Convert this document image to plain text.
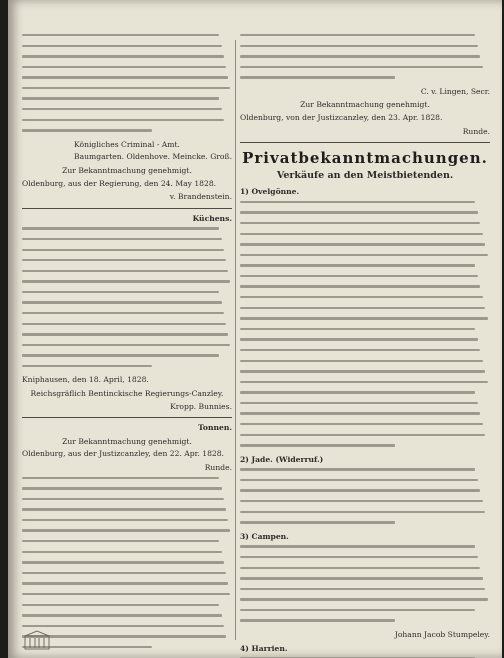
Königliches Criminal - Amt.
Baumgarten. Oldenhove. Meincke. Groß.
Zur Bekanntmachung genehmigt.
Oldenburg, aus der Regierung, den 24. May 1828.
v. Brandenstein.
Küchens.
Kniphausen, den 18. April, 1828.
Reichsgräflich Bentinckische Regierungs-Canzley.
Kropp. Bunnies.
Tonnen.
Zur Bekanntmachung genehmigt.
Oldenburg, aus der Justizcanzley, den 22. Apr. 1828.
Runde.
C. v. Lingen, Secr.
Zur Bekanntmachung genehmigt.
Oldenburg, von der Justizcanzley, den 23. Apr. 1828.
Runde.
Privatbekanntmachungen.
Verkäufe an den Meistbietenden.
1) Ovelgönne.
2) Jade. (Widerruf.)
3) Campen.
Johann Jacob Stumpeley.
4) Harrien.
